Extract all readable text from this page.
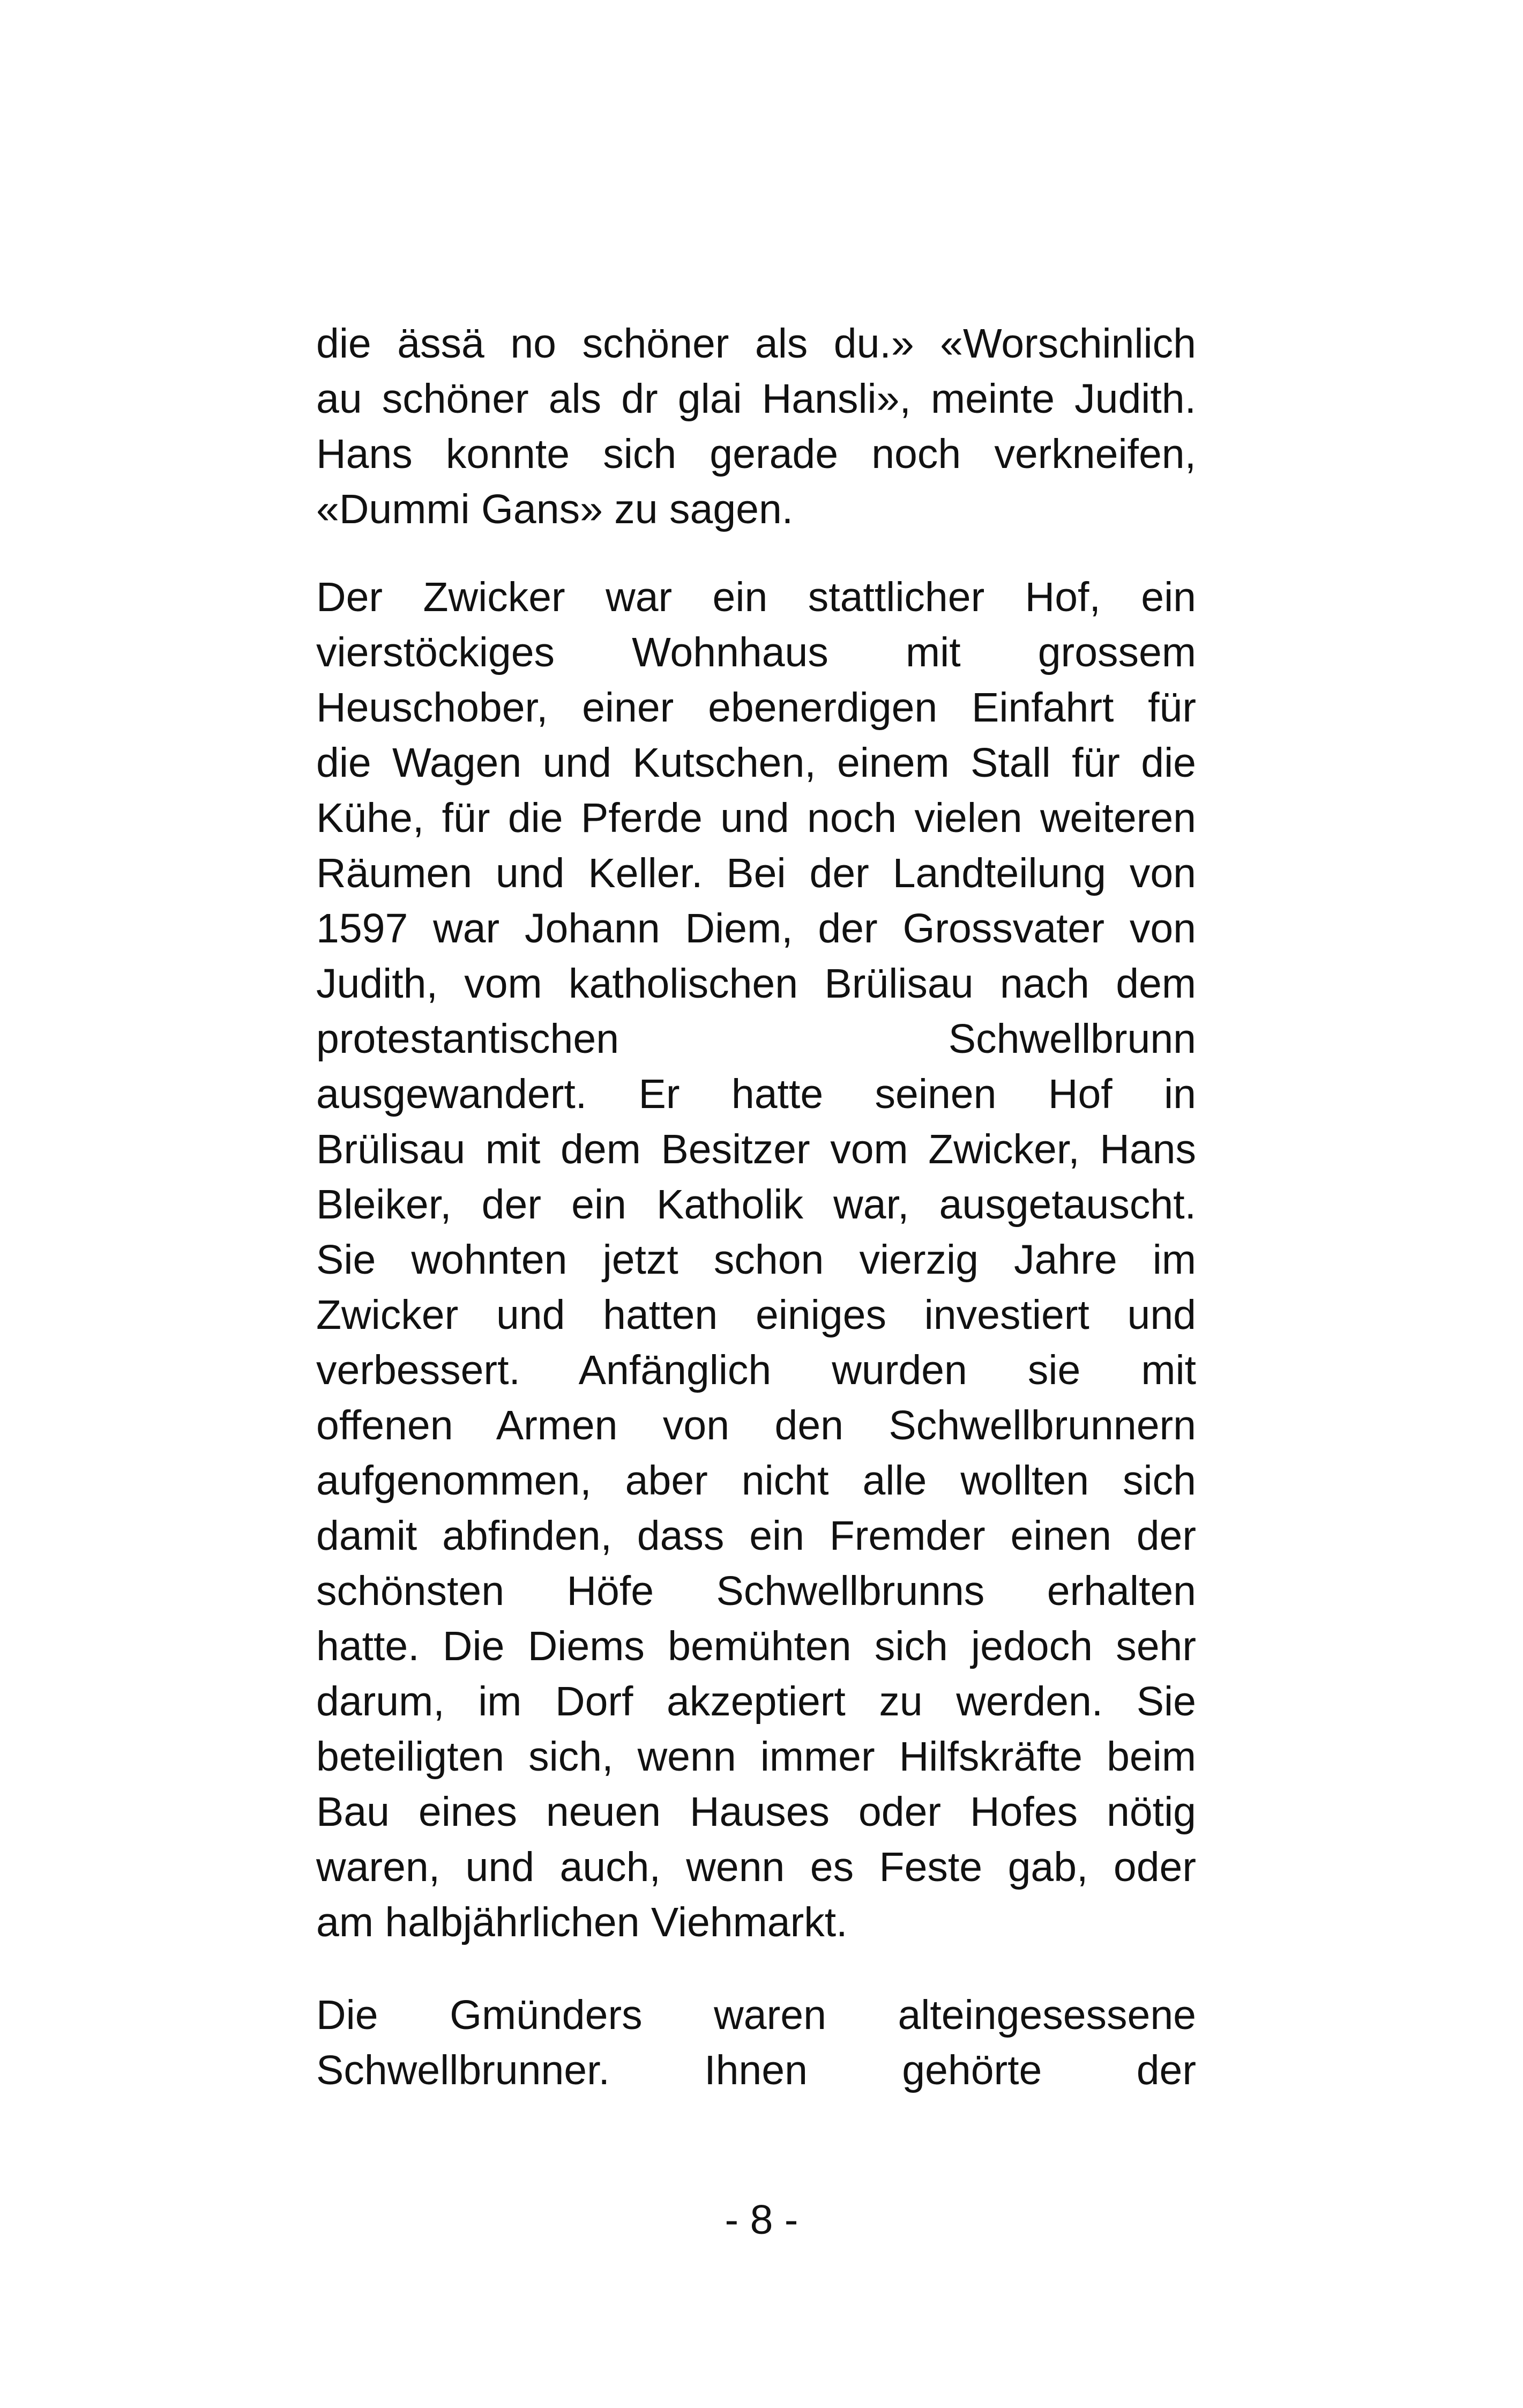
die ässä no schöner als du.» «Worschinlich
au schöner als dr glai Hansli», meinte Judith.
Hans konnte sich gerade noch verkneifen,
«Dummi Gans» zu sagen.
Der Zwicker war ein stattlicher Hof, ein
vierstöckiges Wohnhaus mit grossem
Heuschober, einer ebenerdigen Einfahrt für
die Wagen und Kutschen, einem Stall für die
Kühe, für die Pferde und noch vielen weiteren
Räumen und Keller. Bei der Landteilung von
1597 war Johann Diem, der Grossvater von
Judith, vom katholischen Brülisau nach dem
protestantischen Schwellbrunn
ausgewandert. Er hatte seinen Hof in
Brülisau mit dem Besitzer vom Zwicker, Hans
Bleiker, der ein Katholik war, ausgetauscht.
Sie wohnten jetzt schon vierzig Jahre im
Zwicker und hatten einiges investiert und
verbessert. Anfänglich wurden sie mit
offenen Armen von den Schwellbrunnern
aufgenommen, aber nicht alle wollten sich
damit abfinden, dass ein Fremder einen der
schönsten Höfe Schwellbrunns erhalten
hatte. Die Diems bemühten sich jedoch sehr
darum, im Dorf akzeptiert zu werden. Sie
beteiligten sich, wenn immer Hilfskräfte beim
Bau eines neuen Hauses oder Hofes nötig
waren, und auch, wenn es Feste gab, oder
am halbjährlichen Viehmarkt.
Die Gmünders waren alteingesessene
Schwellbrunner. Ihnen gehörte der
- 8 -
